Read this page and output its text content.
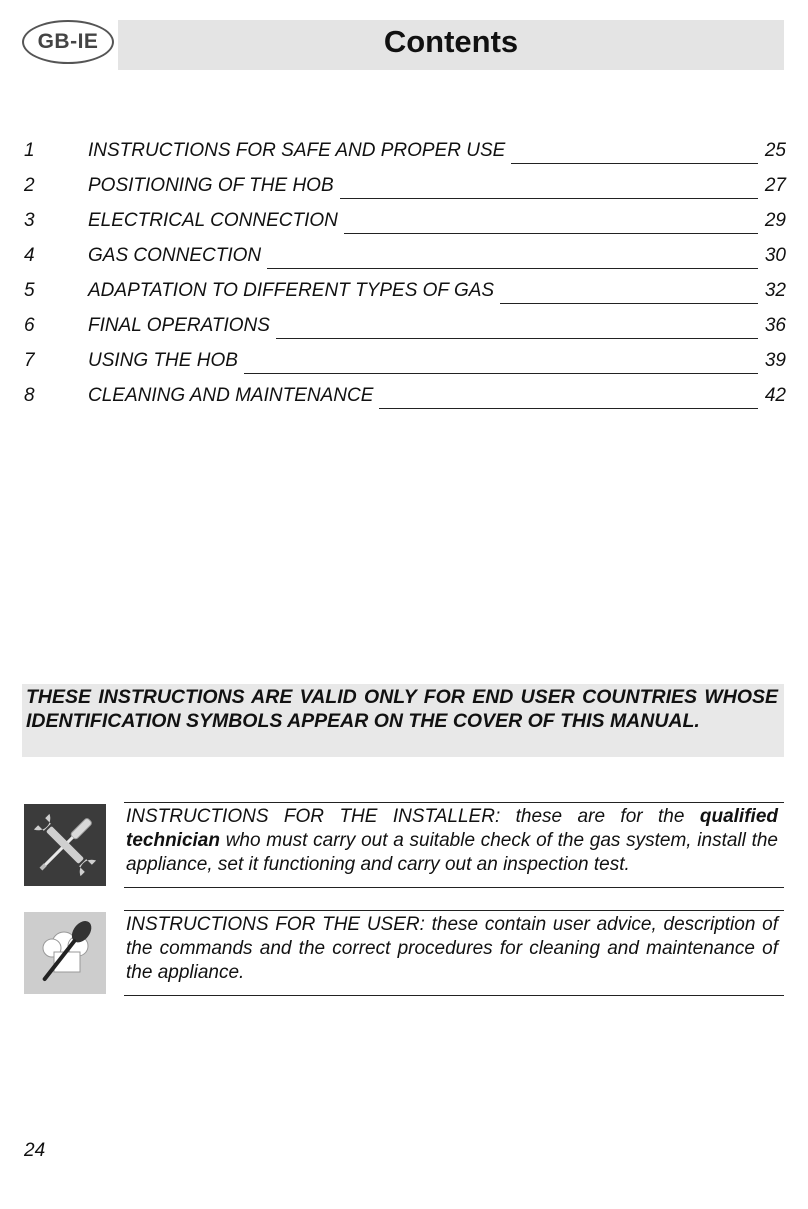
GB-IE	Contents
1	INSTRUCTIONS FOR SAFE AND PROPER USE	25
2	POSITIONING OF THE HOB	27
3	ELECTRICAL CONNECTION	29
4	GAS CONNECTION	30
5	ADAPTATION TO DIFFERENT TYPES OF GAS	32
6	FINAL OPERATIONS	36
7	USING THE HOB	39
8	CLEANING AND MAINTENANCE	42
THESE INSTRUCTIONS ARE VALID ONLY FOR END USER COUNTRIES WHOSE IDENTIFICATION SYMBOLS APPEAR ON THE COVER OF THIS MANUAL.
INSTRUCTIONS FOR THE INSTALLER: these are for the qualified technician who must carry out a suitable check of the gas system, install the appliance, set it functioning and carry out an inspection test.
INSTRUCTIONS FOR THE USER: these contain user advice, description of the commands and the correct procedures for cleaning and maintenance of the appliance.
24
